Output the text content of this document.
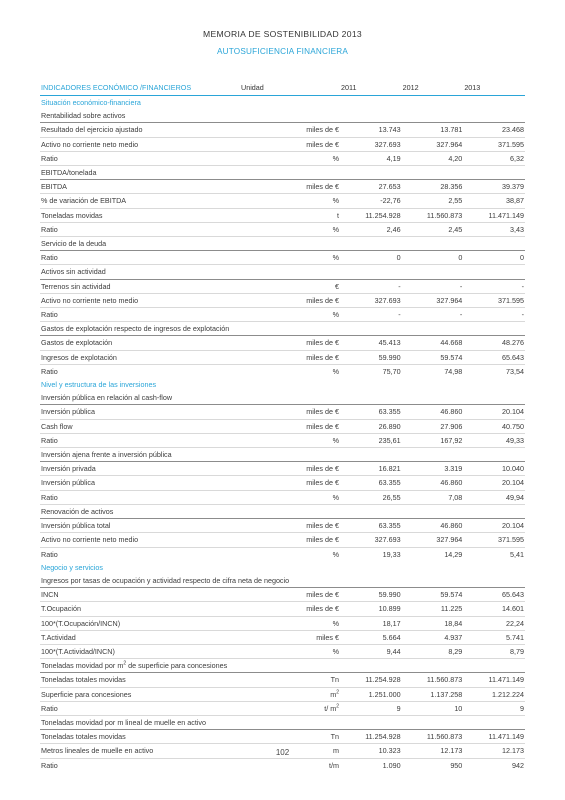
MEMORIA DE SOSTENIBILIDAD 2013
AUTOSUFICIENCIA FINANCIERA
INDICADORES ECONÓMICO /FINANCIEROS	Unidad	2011	2012	2013
Situación económico-financiera				
Rentabilidad sobre activos				
Resultado del ejercicio ajustado	miles de €	13.743	13.781	23.468
Activo no corriente neto medio	miles de €	327.693	327.964	371.595
Ratio	%	4,19	4,20	6,32
EBITDA/tonelada				
EBITDA	miles de €	27.653	28.356	39.379
% de variación de EBITDA	%	-22,76	2,55	38,87
Toneladas movidas	t	11.254.928	11.560.873	11.471.149
Ratio	%	2,46	2,45	3,43
Servicio de la deuda				
Ratio	%	0	0	0
Activos sin actividad				
Terrenos sin actividad	€	-	-	-
Activo no corriente neto medio	miles de €	327.693	327.964	371.595
Ratio	%	-	-	-
Gastos de explotación respecto de ingresos de explotación				
Gastos de explotación	miles de €	45.413	44.668	48.276
Ingresos de explotación	miles de €	59.990	59.574	65.643
Ratio	%	75,70	74,98	73,54
Nivel y estructura de las inversiones				
Inversión pública en relación al cash-flow				
Inversión pública	miles de €	63.355	46.860	20.104
Cash flow	miles de €	26.890	27.906	40.750
Ratio	%	235,61	167,92	49,33
Inversión ajena frente a inversión pública				
Inversión privada	miles de €	16.821	3.319	10.040
Inversión pública	miles de €	63.355	46.860	20.104
Ratio	%	26,55	7,08	49,94
Renovación de activos				
Inversión pública total	miles de €	63.355	46.860	20.104
Activo no corriente neto medio	miles de €	327.693	327.964	371.595
Ratio	%	19,33	14,29	5,41
Negocio y servicios				
Ingresos por tasas de ocupación y actividad respecto de cifra neta de negocio				
INCN	miles de €	59.990	59.574	65.643
T.Ocupación	miles de €	10.899	11.225	14.601
100*(T.Ocupación/INCN)	%	18,17	18,84	22,24
T.Actividad	miles €	5.664	4.937	5.741
100*(T.Actividad/INCN)	%	9,44	8,29	8,79
Toneladas movidad por $m^2$ de superficie para concesiones				
Toneladas totales movidas	Tn	11.254.928	11.560.873	11.471.149
Superficie para concesiones	$m^2$	1.251.000	1.137.258	1.212.224
Ratio	t/ $m^2$	9	10	9
Toneladas movidad por m lineal de muelle en activo				
Toneladas totales movidas	Tn	11.254.928	11.560.873	11.471.149
Metros lineales de muelle en activo	m	10.323	12.173	12.173
Ratio	t/m	1.090	950	942
102
